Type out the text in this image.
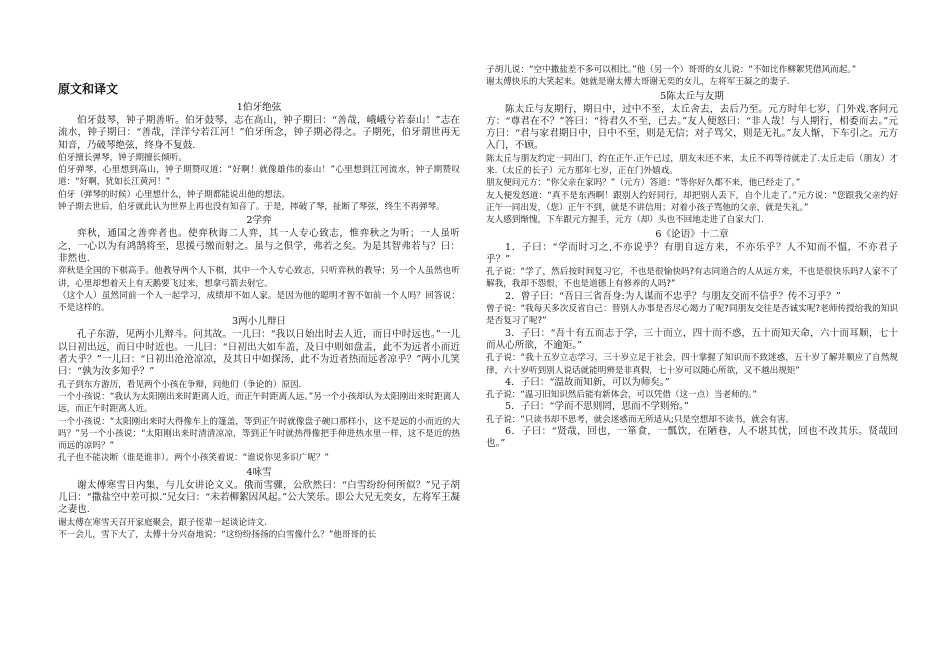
原文和译文
1伯牙绝弦

伯牙鼓琴，钟子期善听。伯牙鼓琴，志在高山，钟子期曰：“善哉，峨峨兮若泰山！”志在流水，钟子期曰：“善哉，洋洋兮若江河！”伯牙所念，钟子期必得之。子期死，伯牙谓世再无知音，乃破琴绝弦，终身不复鼓.

伯牙擅长弹琴，钟子期擅长倾听。

伯牙弹琴，心里想到高山，钟子期赞叹道：“好啊！就像雄伟的泰山！”心里想到江河流水，钟子期赞叹道：“好啊，犹如长江黄河！”

伯牙（弹琴的时候）心里想什么，钟子期都能说出他的想法。

钟子期去世后，伯牙就此认为世界上再也没有知音了。于是，摔破了琴，扯断了琴弦，终生不再弹琴。

2学弈

弈秋，通国之善弈者也。使弈秋诲二人弈，其一人专心致志，惟弈秋之为听；一人虽听之，一心以为有鸿鹄将至，思援弓缴而射之。虽与之俱学，弗若之矣。为是其智弗若与？曰：非然也.

弈秋是全国的下棋高手。他教导两个人下棋，其中一个人专心致志，只听弈秋的教导；另一个人虽然也听讲，心里却想着天上有天鹅要飞过来，想拿弓箭去射它。

（这个人）虽然同前一个人一起学习，成绩却不如人家。是因为他的聪明才智不如前一个人吗？回答说：不是这样的。

3两小儿辩日

孔子东游，见两小儿辩斗。问其故。一儿曰：“我以日始出时去人近，而日中时远也。”一儿以日初出远，而日中时近也。一儿曰：“日初出大如车盖，及日中则如盘盂，此不为远者小而近者大乎？”一儿曰：“日初出沧沧凉凉，及其日中如探汤，此不为近者热而远者凉乎？”两小儿笑曰：“孰为汝多知乎？”

孔子到东方游历，看见两个小孩在争辩，问他们（争论的）原因.

一个小孩说：“我认为太阳刚出来时距离人近，而正午时距离人远。”另一个小孩却认为太阳刚出来时距离人远，而正午时距离人近。

一个小孩说：“太阳刚出来时大得像车上的篷盖，等到正午时就像盘子碗口那样小，这不是远的小而近的大吗？”另一个小孩说：“太阳刚出来时清清凉凉，等到正午时就热得像把手伸进热水里一样，这不是近的热而远的凉吗？”

孔子也不能决断（谁是谁非）。两个小孩笑着说：“谁说你见多识广呢？”

4咏雪

谢太傅寒雪日内集，与儿女讲论文义。俄而雪骤，公欣然曰：“白雪纷纷何所似？”兄子胡儿曰：“撒盐空中差可拟.”兄女曰：“未若柳絮因风起。”公大笑乐。即公大兄无奕女，左将军王凝之妻也.

谢太傅在寒雪天召开家庭聚会，跟子侄辈一起谈论诗文.

不一会儿，雪下大了，太傅十分兴奋地说：“这纷纷扬扬的白雪像什么？”他哥哥的长

子胡儿说：“空中撒盐差不多可以相比。”他（另一个）哥哥的女儿说：“不如比作柳絮凭借风而起。”

谢太傅快乐的大笑起来。她就是谢太傅大哥谢无奕的女儿，左将军王凝之的妻子.

5陈太丘与友期

陈太丘与友期行，期日中，过中不至，太丘舍去，去后乃至。元方时年七岁，门外戏.客问元方：“尊君在不？”答曰：“待君久不至，已去。”友人便怒曰：“非人哉！与人期行，相委而去。”元方曰：“君与家君期日中，日中不至，则是无信；对子骂父，则是无礼。”友人惭，下车引之。元方入门，不顾。

陈太丘与朋友约定一同出门，约在正午.正午已过，朋友未还不来，太丘不再等待就走了.太丘走后（朋友）才来.（太丘的长子）元方那年七岁，正在门外嬉戏。

朋友便问元方：“你父亲在家吗？”（元方）答道：“等你好久都不来，他已经走了。”

友人便发怒道：“真不是东西啊！跟别人约好同行，却把别人丢下，自个儿走了。”元方说：“您跟我父亲约好正午一同出发，（您）正午不到，就是不讲信用；对着小孩子骂他的父亲，就是失礼。”

友人感到惭愧，下车跟元方握手，元方（却）头也不回地走进了自家大门.

6《论语》十二章

1．子曰：“学而时习之,不亦说乎？有朋自远方来，不亦乐乎？人不知而不愠，不亦君子乎？”

孔子说：“学了，然后按时间复习它，不也是很愉快吗?有志同道合的人从远方来，不也是很快乐吗?人家不了解我，我却不怨恨，不也是道德上有修养的人吗?”

2．曾子曰：“吾日三省吾身:为人谋而不忠乎？与朋友交而不信乎？传不习乎？”

曾子说：“我每天多次反省自己：替别人办事是否尽心竭力了呢?同朋友交往是否诚实呢?老师传授给我的知识是否复习了呢?”

3．子曰：“吾十有五而志于学，三十而立，四十而不惑，五十而知天命，六十而耳顺，七十而从心所欲，不逾矩。”

孔子说：“我十五岁立志学习，三十岁立足于社会，四十掌握了知识而不致迷惑，五十岁了解并顺应了自然规律，六十岁听到别人说话就能明辨是非真假，七十岁可以随心所欲，又不越出规矩”

4．子曰：“温故而知新，可以为师矣。”

孔子说：“温习旧知识然后能有新体会，可以凭借（这一点）当老师的。”

5．子曰：“学而不思则罔，思而不学则殆。”

孔子说：“只读书却不思考，就会迷惑而无所适从;只是空想却不读书，就会有害。

6．子曰：“贤哉，回也，一箪食，一瓢饮，在陋巷，人不堪其忧，回也不改其乐。贤哉回也。”
